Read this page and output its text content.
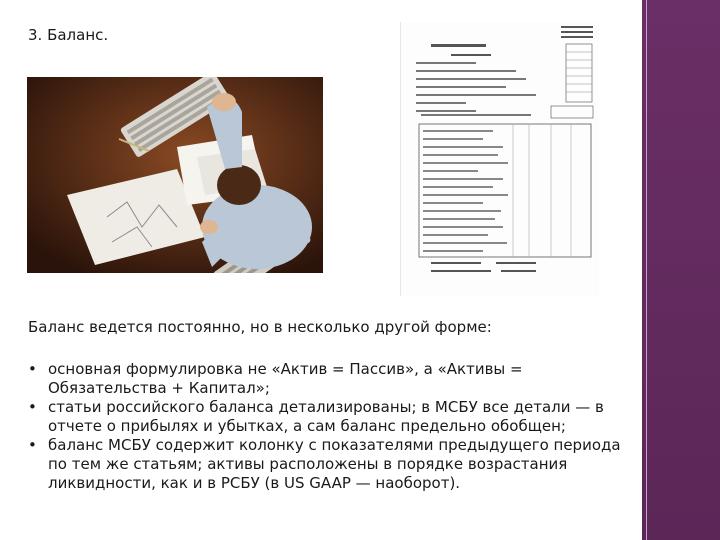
3. Баланс.
Баланс ведется постоянно, но в несколько другой форме:
• основная формулировка не «Актив = Пассив», а «Активы = Обязательства + Капитал»;
• статьи российского баланса детализированы; в МСБУ все детали — в отчете о прибылях и убытках, а сам баланс предельно обобщен;
• баланс МСБУ содержит колонку с показателями предыдущего периода по тем же статьям; активы расположены в порядке возрастания ликвидности, как и в РСБУ (в US GAAP — наоборот).
